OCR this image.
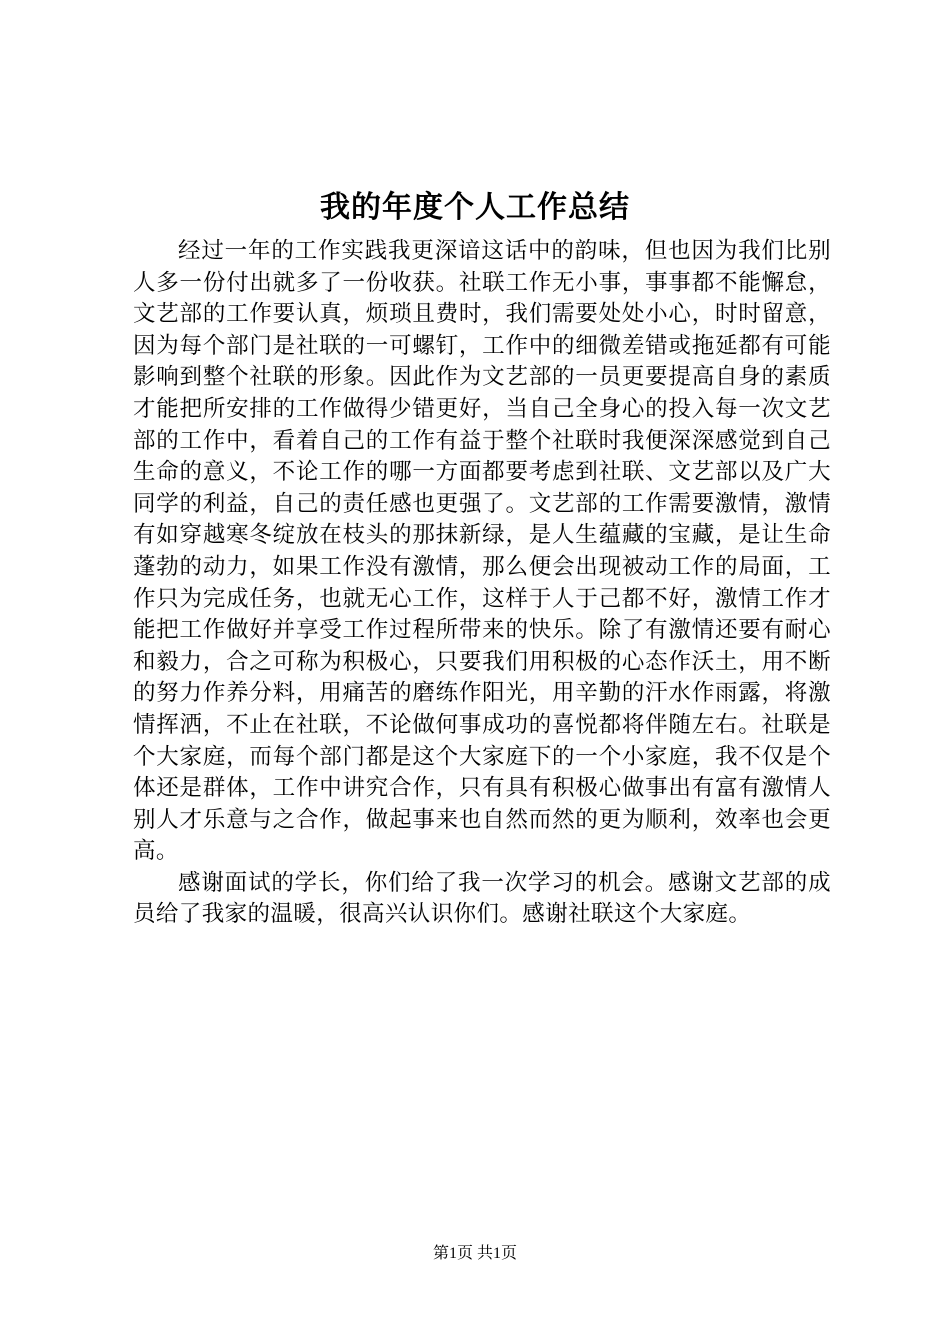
我的年度个人工作总结

经过一年的工作实践我更深谙这话中的韵味，但也因为我们比别人多一份付出就多了一份收获。社联工作无小事，事事都不能懈怠，文艺部的工作要认真，烦琐且费时，我们需要处处小心，时时留意，因为每个部门是社联的一可螺钉，工作中的细微差错或拖延都有可能影响到整个社联的形象。因此作为文艺部的一员更要提高自身的素质才能把所安排的工作做得少错更好，当自己全身心的投入每一次文艺部的工作中，看着自己的工作有益于整个社联时我便深深感觉到自己生命的意义，不论工作的哪一方面都要考虑到社联、文艺部以及广大同学的利益，自己的责任感也更强了。文艺部的工作需要激情，激情有如穿越寒冬绽放在枝头的那抹新绿，是人生蕴藏的宝藏，是让生命蓬勃的动力，如果工作没有激情，那么便会出现被动工作的局面，工作只为完成任务，也就无心工作，这样于人于己都不好，激情工作才能把工作做好并享受工作过程所带来的快乐。除了有激情还要有耐心和毅力，合之可称为积极心，只要我们用积极的心态作沃土，用不断的努力作养分料，用痛苦的磨练作阳光，用辛勤的汗水作雨露，将激情挥洒，不止在社联，不论做何事成功的喜悦都将伴随左右。社联是个大家庭，而每个部门都是这个大家庭下的一个小家庭，我不仅是个体还是群体，工作中讲究合作，只有具有积极心做事出有富有激情人别人才乐意与之合作，做起事来也自然而然的更为顺利，效率也会更高。

感谢面试的学长，你们给了我一次学习的机会。感谢文艺部的成员给了我家的温暖，很高兴认识你们。感谢社联这个大家庭。

第1页 共1页
